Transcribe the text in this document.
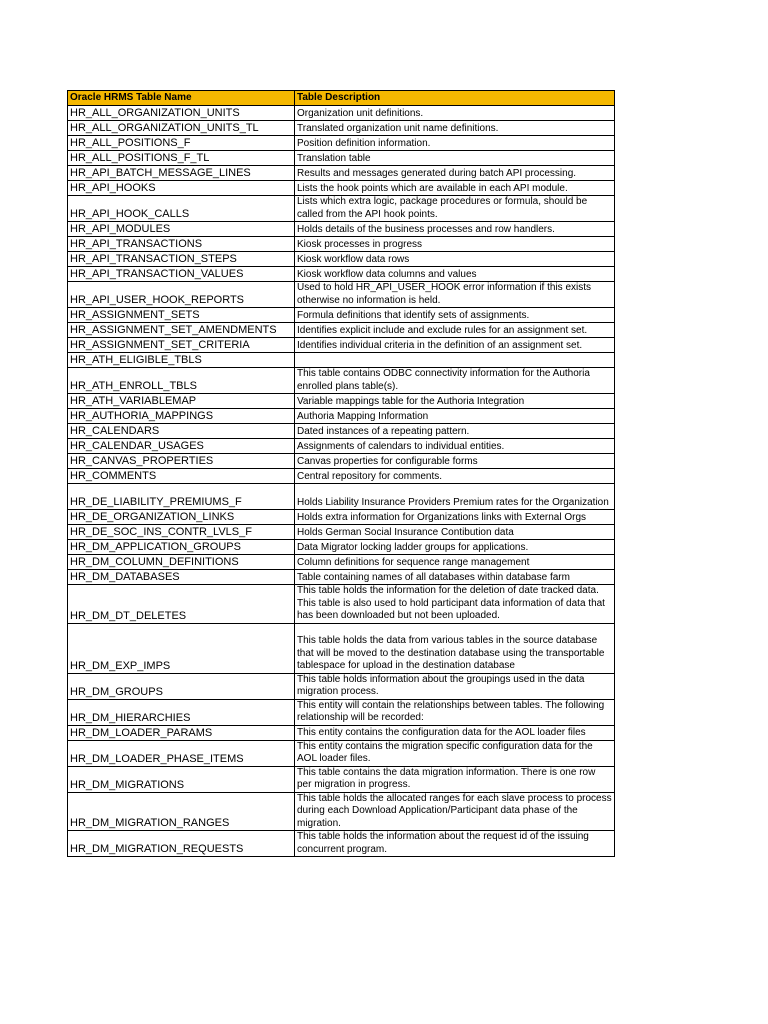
Oracle HRMS Table Name	Table Description
HR_ALL_ORGANIZATION_UNITS	Organization unit definitions.
HR_ALL_ORGANIZATION_UNITS_TL	Translated organization unit name definitions.
HR_ALL_POSITIONS_F	Position definition information.
HR_ALL_POSITIONS_F_TL	Translation table
HR_API_BATCH_MESSAGE_LINES	Results and messages generated during batch API processing.
HR_API_HOOKS	Lists the hook points which are available in each API module.
HR_API_HOOK_CALLS	Lists which extra logic, package procedures or formula, should be called from the API hook points.
HR_API_MODULES	Holds details of the business processes and row handlers.
HR_API_TRANSACTIONS	Kiosk processes in progress
HR_API_TRANSACTION_STEPS	Kiosk workflow data rows
HR_API_TRANSACTION_VALUES	Kiosk workflow data columns and values
HR_API_USER_HOOK_REPORTS	Used to hold HR_API_USER_HOOK error information if this exists otherwise no information is held.
HR_ASSIGNMENT_SETS	Formula definitions that identify sets of assignments.
HR_ASSIGNMENT_SET_AMENDMENTS	Identifies explicit include and exclude rules for an assignment set.
HR_ASSIGNMENT_SET_CRITERIA	Identifies individual criteria in the definition of an assignment set.
HR_ATH_ELIGIBLE_TBLS	
HR_ATH_ENROLL_TBLS	This table contains ODBC connectivity information for the Authoria enrolled plans table(s).
HR_ATH_VARIABLEMAP	Variable mappings table for the Authoria Integration
HR_AUTHORIA_MAPPINGS	Authoria Mapping Information
HR_CALENDARS	Dated instances of a repeating pattern.
HR_CALENDAR_USAGES	Assignments of calendars to individual entities.
HR_CANVAS_PROPERTIES	Canvas properties for configurable forms
HR_COMMENTS	Central repository for comments.
HR_DE_LIABILITY_PREMIUMS_F	Holds Liability Insurance Providers Premium rates for the Organization
HR_DE_ORGANIZATION_LINKS	Holds extra information for Organizations links with External Orgs
HR_DE_SOC_INS_CONTR_LVLS_F	Holds German Social Insurance Contibution data
HR_DM_APPLICATION_GROUPS	Data Migrator locking ladder groups for applications.
HR_DM_COLUMN_DEFINITIONS	Column definitions for sequence range management
HR_DM_DATABASES	Table containing names of all databases within database farm
HR_DM_DT_DELETES	This table holds the information for the deletion of date tracked data. This table is also used to hold participant data information of data that has been downloaded but not been uploaded.
HR_DM_EXP_IMPS	This table holds the data from various tables in the source database that will be moved to the destination database using the transportable tablespace for upload in the destination database
HR_DM_GROUPS	This table holds information about the groupings used in the data migration process.
HR_DM_HIERARCHIES	This entity will contain the relationships between tables. The following relationship will be recorded:
HR_DM_LOADER_PARAMS	This entity contains the configuration data for the AOL loader files
HR_DM_LOADER_PHASE_ITEMS	This entity contains the migration specific configuration data for the AOL loader files.
HR_DM_MIGRATIONS	This table contains the data migration information. There is one row per migration in progress.
HR_DM_MIGRATION_RANGES	This table holds the allocated ranges for each slave process to process during each Download Application/Participant data phase of the migration.
HR_DM_MIGRATION_REQUESTS	This table holds the information about the request id of the issuing concurrent program.
